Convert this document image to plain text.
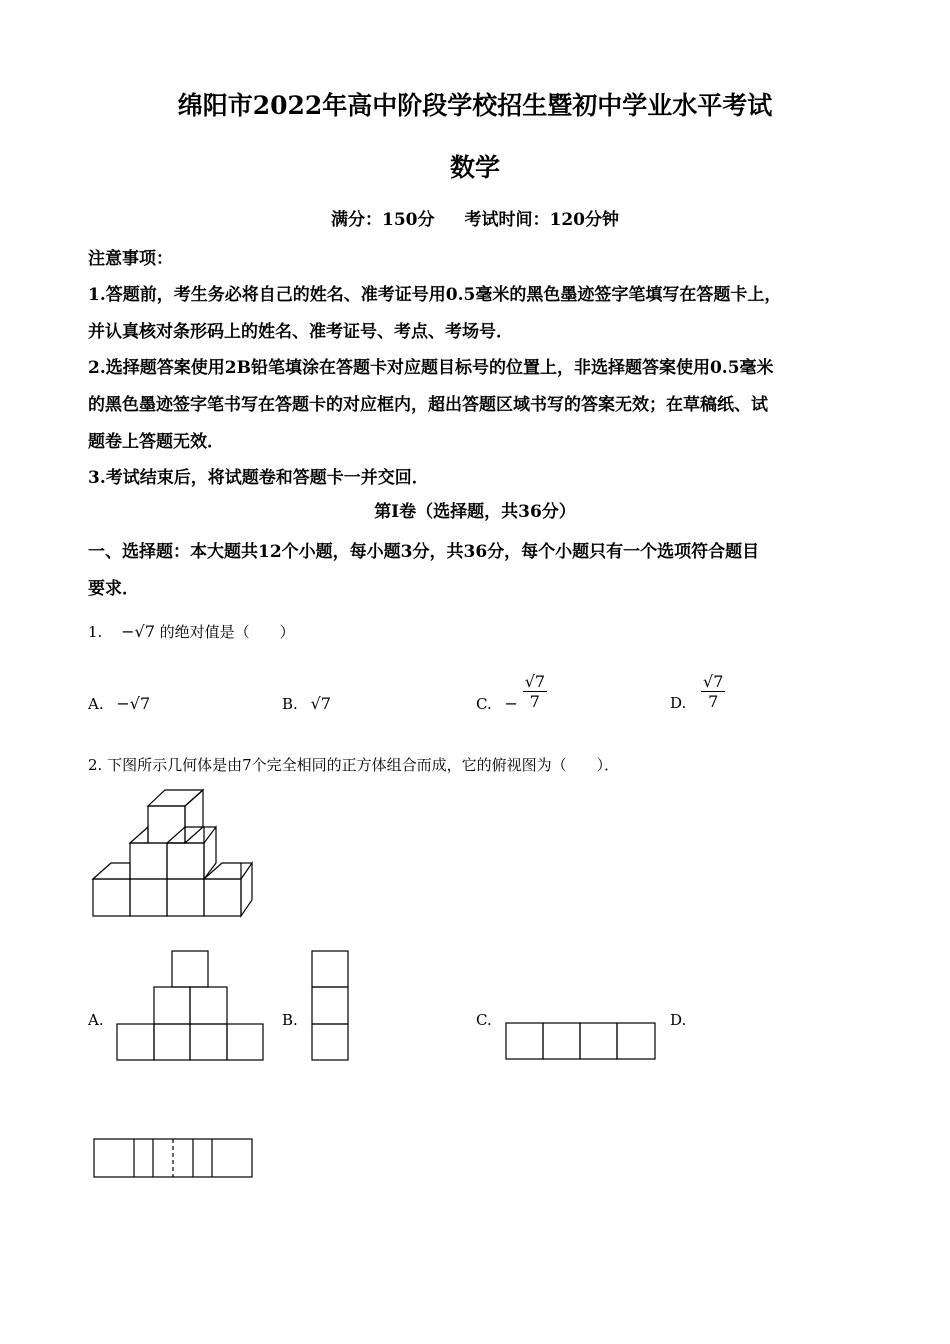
绵阳市2022年高中阶段学校招生暨初中学业水平考试
数学
满分：150分 考试时间：120分钟
注意事项：
1.答题前，考生务必将自己的姓名、准考证号用0.5毫米的黑色墨迹签字笔填写在答题卡上，
并认真核对条形码上的姓名、准考证号、考点、考场号．
2.选择题答案使用2B铅笔填涂在答题卡对应题目标号的位置上，非选择题答案使用0.5毫米
的黑色墨迹签字笔书写在答题卡的对应框内，超出答题区域书写的答案无效；在草稿纸、试
题卷上答题无效．
3.考试结束后，将试题卷和答题卡一并交回．
第Ⅰ卷（选择题，共36分）
一、选择题：本大题共12个小题，每小题3分，共36分，每个小题只有一个选项符合题目
要求．
1. −√7 的绝对值是（　　）
A. −√7	B. √7	C. − $\frac{√7}{7}$	D. $\frac{√7}{7}$
2. 下图所示几何体是由7个完全相同的正方体组合而成，它的俯视图为（　　）．
A.	B.	C.	D.
